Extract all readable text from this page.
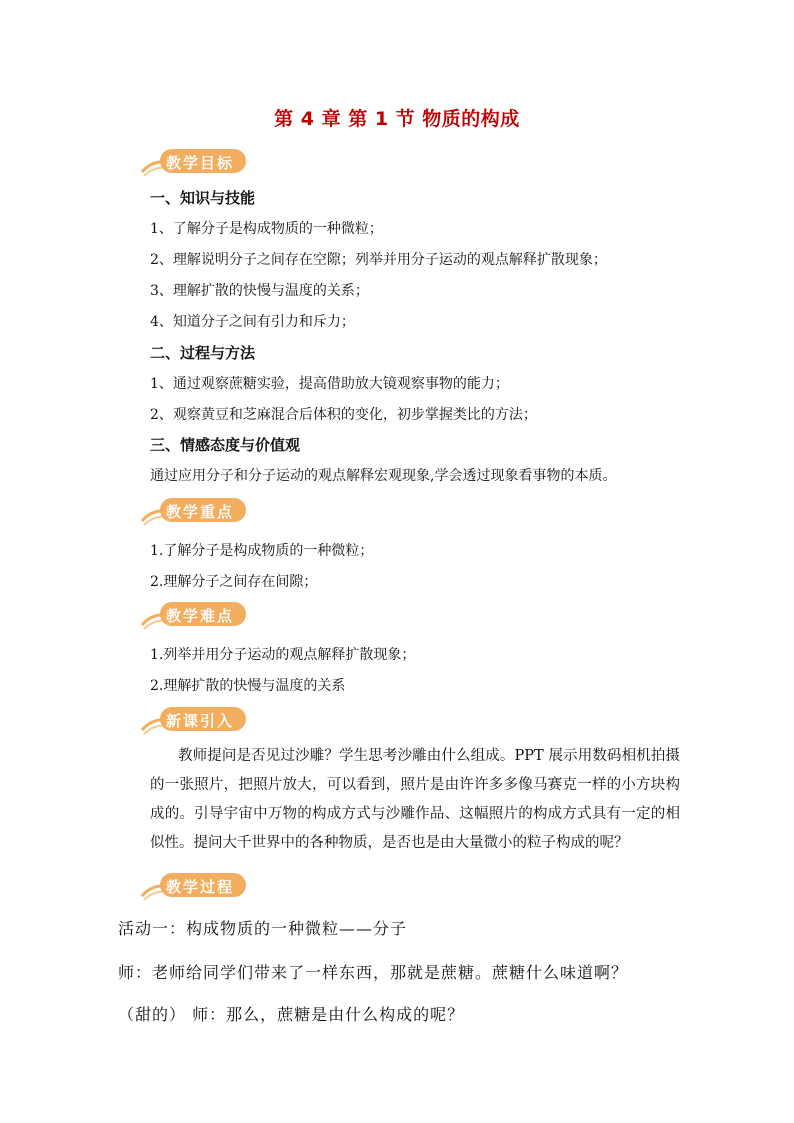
第 4 章 第 1 节 物质的构成
教学目标
一、知识与技能
1、了解分子是构成物质的一种微粒；
2、理解说明分子之间存在空隙；列举并用分子运动的观点解释扩散现象；
3、理解扩散的快慢与温度的关系；
4、知道分子之间有引力和斥力；
二、过程与方法
1、通过观察蔗糖实验，提高借助放大镜观察事物的能力；
2、观察黄豆和芝麻混合后体积的变化，初步掌握类比的方法；
三、情感态度与价值观
通过应用分子和分子运动的观点解释宏观现象,学会透过现象看事物的本质。
教学重点
1.了解分子是构成物质的一种微粒；
2.理解分子之间存在间隙；
教学难点
1.列举并用分子运动的观点解释扩散现象；
2.理解扩散的快慢与温度的关系
新课引入
教师提问是否见过沙雕？学生思考沙雕由什么组成。PPT 展示用数码相机拍摄的一张照片，把照片放大，可以看到，照片是由许许多多像马赛克一样的小方块构成的。引导宇宙中万物的构成方式与沙雕作品、这幅照片的构成方式具有一定的相似性。提问大千世界中的各种物质，是否也是由大量微小的粒子构成的呢？
教学过程
活动一：构成物质的一种微粒——分子
师：老师给同学们带来了一样东西，那就是蔗糖。蔗糖什么味道啊？
（甜的） 师：那么，蔗糖是由什么构成的呢？
